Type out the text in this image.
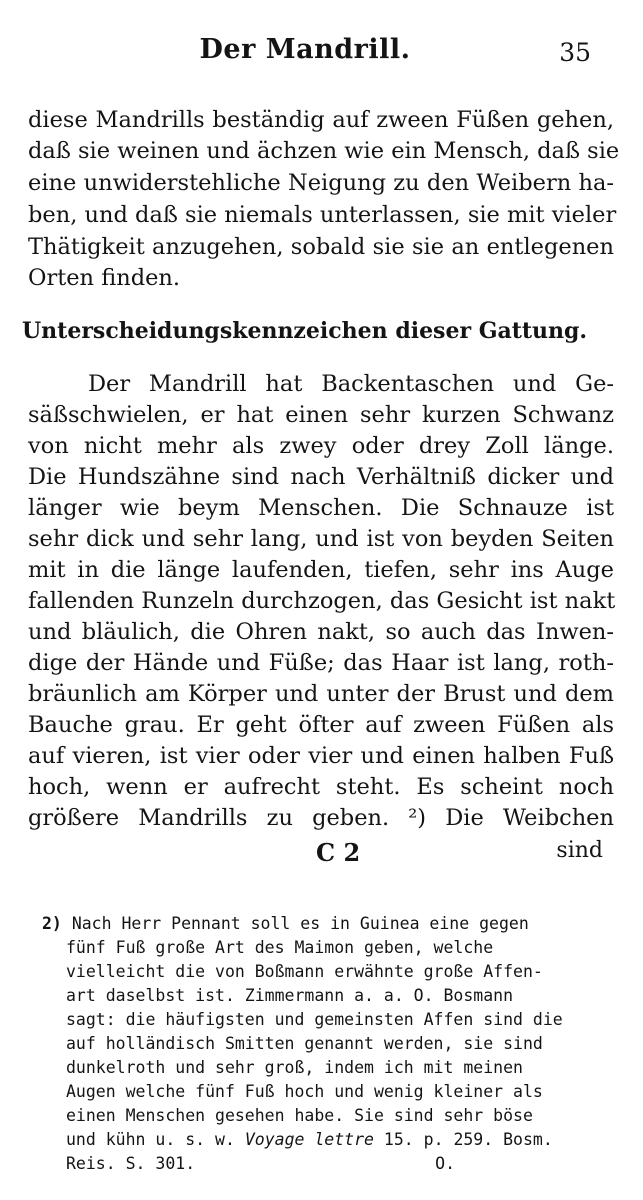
Der Mandrill.	35
diese Mandrills beständig auf zween Füßen gehen,
daß sie weinen und ächzen wie ein Mensch, daß sie
eine unwiderstehliche Neigung zu den Weibern ha-
ben, und daß sie niemals unterlassen, sie mit vieler
Thätigkeit anzugehen, sobald sie sie an entlegenen
Orten finden.
Unterscheidungskennzeichen dieser Gattung.
Der Mandrill hat Backentaschen und Ge-
säßschwielen, er hat einen sehr kurzen Schwanz
von nicht mehr als zwey oder drey Zoll länge.
Die Hundszähne sind nach Verhältniß dicker und
länger wie beym Menschen. Die Schnauze ist
sehr dick und sehr lang, und ist von beyden Seiten
mit in die länge laufenden, tiefen, sehr ins Auge
fallenden Runzeln durchzogen, das Gesicht ist nakt
und bläulich, die Ohren nakt, so auch das Inwen-
dige der Hände und Füße; das Haar ist lang, roth-
bräunlich am Körper und unter der Brust und dem
Bauche grau. Er geht öfter auf zween Füßen als
auf vieren, ist vier oder vier und einen halben Fuß
hoch, wenn er aufrecht steht. Es scheint noch
größere Mandrills zu geben. ²) Die Weibchen
C 2	sind
2) Nach Herr Pennant soll es in Guinea eine gegen
fünf Fuß große Art des Maimon geben, welche
vielleicht die von Boßmann erwähnte große Affen-
art daselbst ist. Zimmermann a. a. O. Bosmann
sagt: die häufigsten und gemeinsten Affen sind die
auf holländisch Smitten genannt werden, sie sind
dunkelroth und sehr groß, indem ich mit meinen
Augen welche fünf Fuß hoch und wenig kleiner als
einen Menschen gesehen habe. Sie sind sehr böse
und kühn u. s. w. Voyage lettre 15. p. 259. Bosm.
Reis. S. 301.	O.
